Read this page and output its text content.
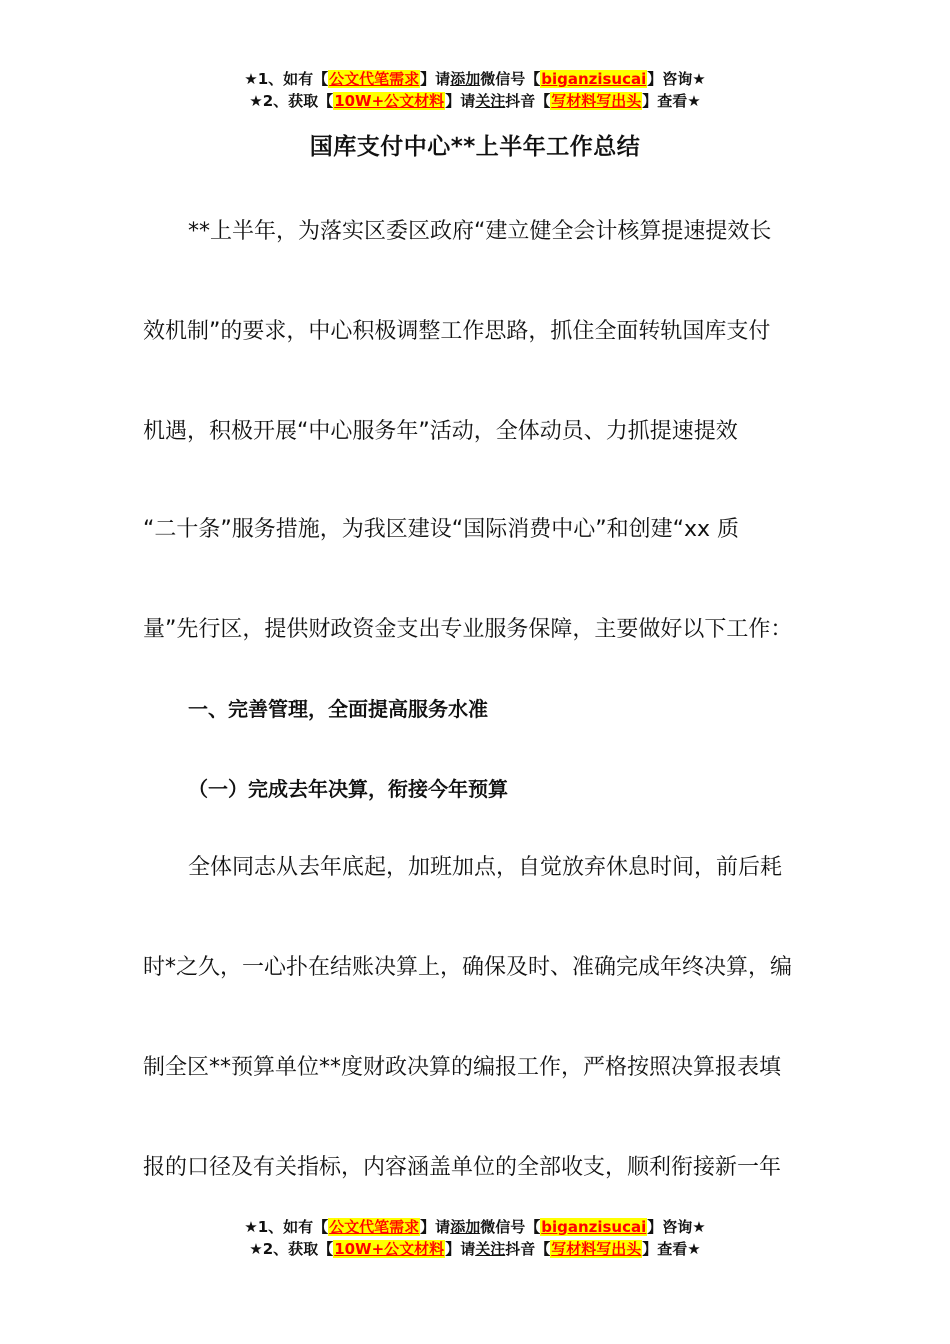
★1、如有【公文代笔需求】请添加微信号【biganzisucai】咨询★
★2、获取【10W+公文材料】请关注抖音【写材料写出头】查看★
国库支付中心**上半年工作总结
**上半年，为落实区委区政府“建立健全会计核算提速提效长
效机制”的要求，中心积极调整工作思路，抓住全面转轨国库支付
机遇，积极开展“中心服务年”活动，全体动员、力抓提速提效
“二十条”服务措施，为我区建设“国际消费中心”和创建“xx 质
量”先行区，提供财政资金支出专业服务保障，主要做好以下工作：
一、完善管理，全面提高服务水准
（一）完成去年决算，衔接今年预算
全体同志从去年底起，加班加点，自觉放弃休息时间，前后耗
时*之久，一心扑在结账决算上，确保及时、准确完成年终决算，编
制全区**预算单位**度财政决算的编报工作，严格按照决算报表填
报的口径及有关指标，内容涵盖单位的全部收支，顺利衔接新一年
★1、如有【公文代笔需求】请添加微信号【biganzisucai】咨询★
★2、获取【10W+公文材料】请关注抖音【写材料写出头】查看★
